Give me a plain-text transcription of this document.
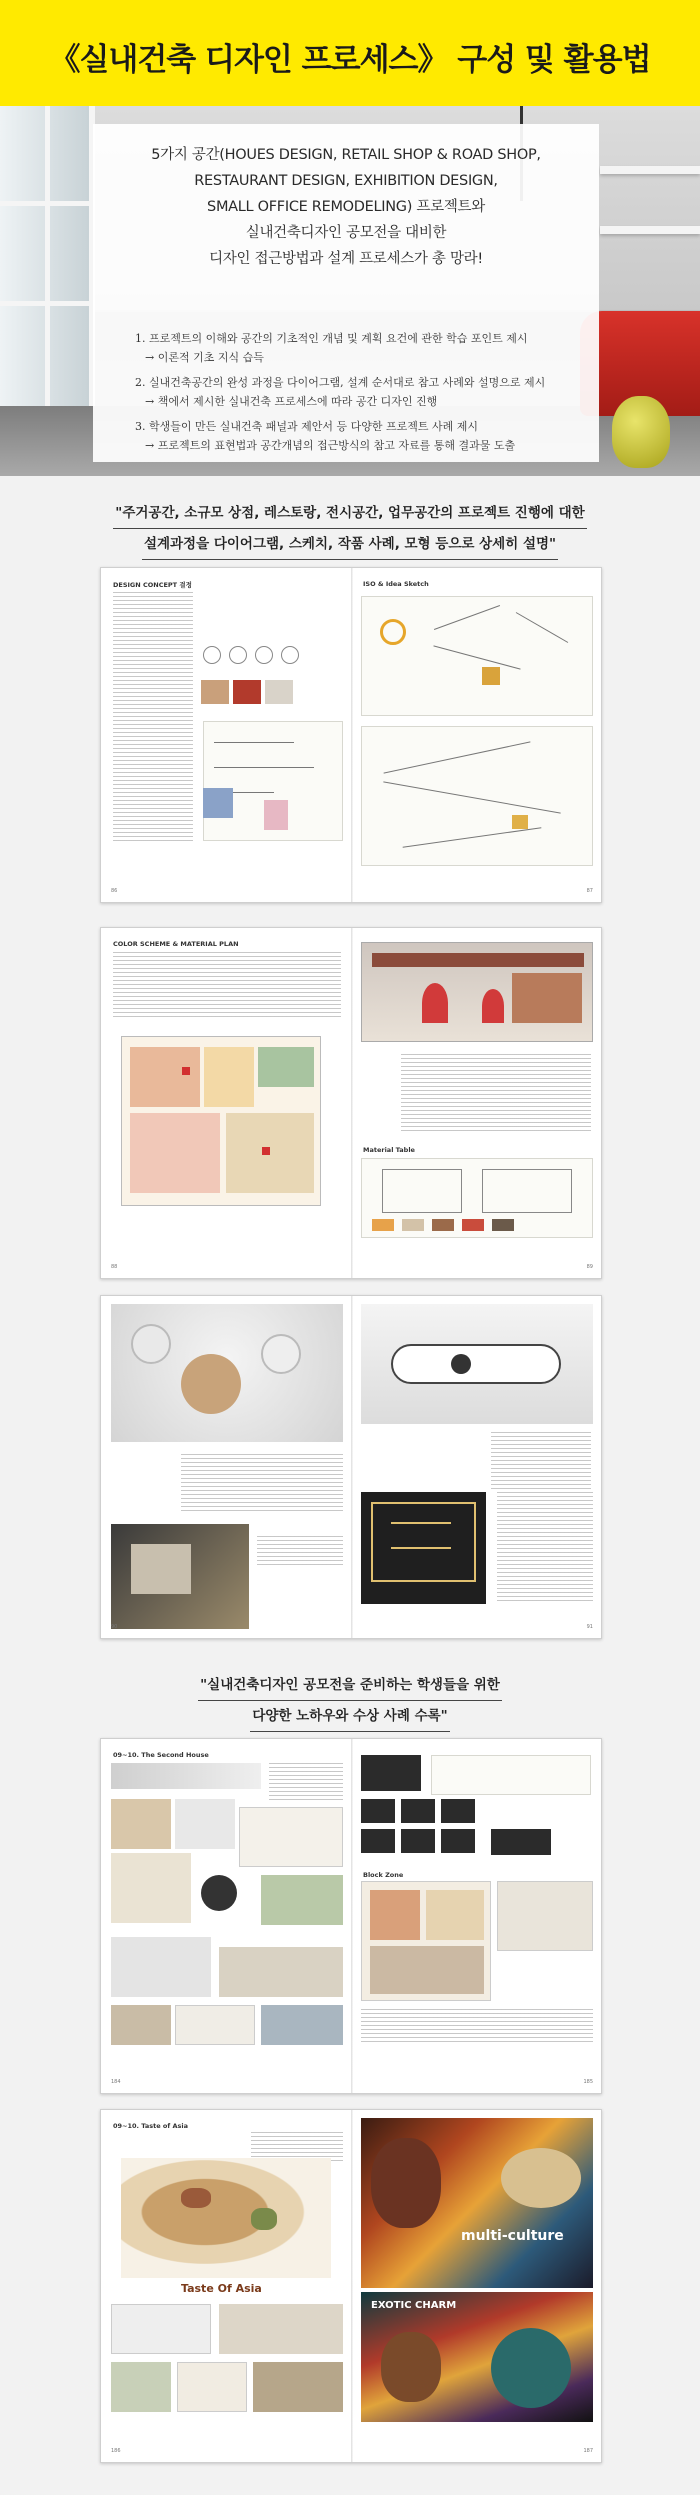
《실내건축 디자인 프로세스》 구성 및 활용법
5가지 공간(HOUES DESIGN, RETAIL SHOP & ROAD SHOP,
RESTAURANT DESIGN, EXHIBITION DESIGN,
SMALL OFFICE REMODELING) 프로젝트와
실내건축디자인 공모전을 대비한
디자인 접근방법과 설계 프로세스가 총 망라!
1. 프로젝트의 이해와 공간의 기초적인 개념 및 계획 요건에 관한 학습 포인트 제시
→ 이론적 기초 지식 습득
2. 실내건축공간의 완성 과정을 다이어그램, 설계 순서대로 참고 사례와 설명으로 제시
→ 책에서 제시한 실내건축 프로세스에 따라 공간 디자인 진행
3. 학생들이 만든 실내건축 패널과 제안서 등 다양한 프로젝트 사례 제시
→ 프로젝트의 표현법과 공간개념의 접근방식의 참고 자료를 통해 결과물 도출
"주거공간, 소규모 상점, 레스토랑, 전시공간, 업무공간의 프로젝트 진행에 대한
설계과정을 다이어그램, 스케치, 작품 사례, 모형 등으로 상세히 설명"
DESIGN CONCEPT 결정
86
ISO & Idea Sketch
87
COLOR SCHEME & MATERIAL PLAN
88
Material Table
89
90	91
"실내건축디자인 공모전을 준비하는 학생들을 위한
다양한 노하우와 수상 사례 수록"
09~10. The Second House
184
Block Zone
185
09~10. Taste of Asia
Taste Of Asia
186
multi-culture
EXOTIC CHARM
187
